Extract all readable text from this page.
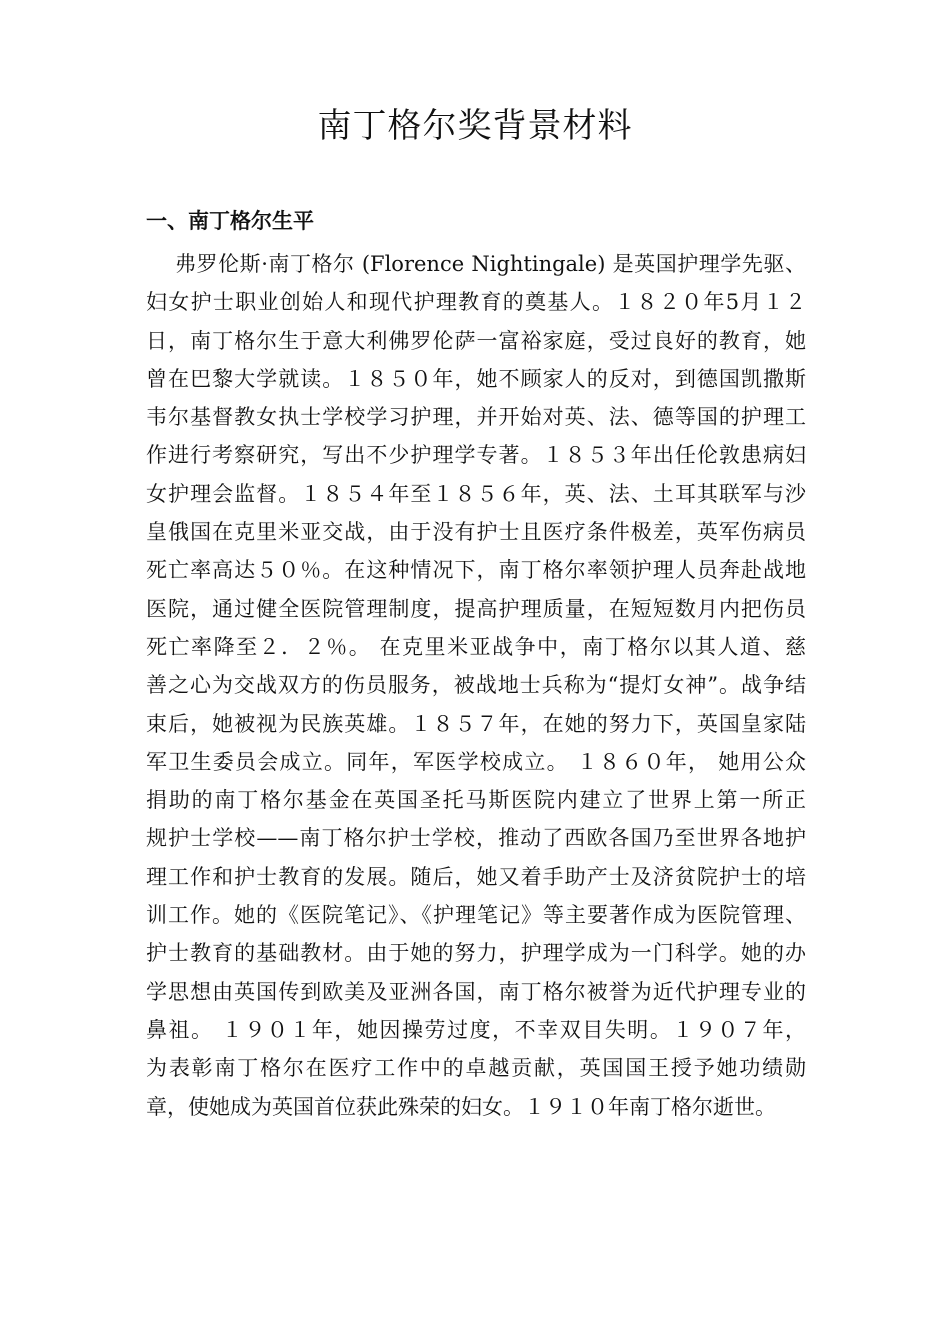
南丁格尔奖背景材料
一、南丁格尔生平
弗罗伦斯·南丁格尔 (Florence Nightingale) 是英国护理学先驱、
妇女护士职业创始人和现代护理教育的奠基人。１８２０年5月１２
日，南丁格尔生于意大利佛罗伦萨一富裕家庭，受过良好的教育，她
曾在巴黎大学就读。１８５０年，她不顾家人的反对，到德国凯撒斯
韦尔基督教女执士学校学习护理，并开始对英、法、德等国的护理工
作进行考察研究，写出不少护理学专著。１８５３年出任伦敦患病妇
女护理会监督。１８５４年至１８５６年，英、法、土耳其联军与沙
皇俄国在克里米亚交战，由于没有护士且医疗条件极差，英军伤病员
死亡率高达５０％。在这种情况下，南丁格尔率领护理人员奔赴战地
医院，通过健全医院管理制度，提高护理质量，在短短数月内把伤员
死亡率降至２．２％。 在克里米亚战争中，南丁格尔以其人道、慈
善之心为交战双方的伤员服务，被战地士兵称为“提灯女神”。战争结
束后，她被视为民族英雄。１８５７年，在她的努力下，英国皇家陆
军卫生委员会成立。同年，军医学校成立。 １８６０年， 她用公众
捐助的南丁格尔基金在英国圣托马斯医院内建立了世界上第一所正
规护士学校——南丁格尔护士学校，推动了西欧各国乃至世界各地护
理工作和护士教育的发展。随后，她又着手助产士及济贫院护士的培
训工作。她的《医院笔记》、《护理笔记》等主要著作成为医院管理、
护士教育的基础教材。由于她的努力，护理学成为一门科学。她的办
学思想由英国传到欧美及亚洲各国，南丁格尔被誉为近代护理专业的
鼻祖。 １９０１年，她因操劳过度，不幸双目失明。１９０７年，
为表彰南丁格尔在医疗工作中的卓越贡献，英国国王授予她功绩勋
章，使她成为英国首位获此殊荣的妇女。１９１０年南丁格尔逝世。
